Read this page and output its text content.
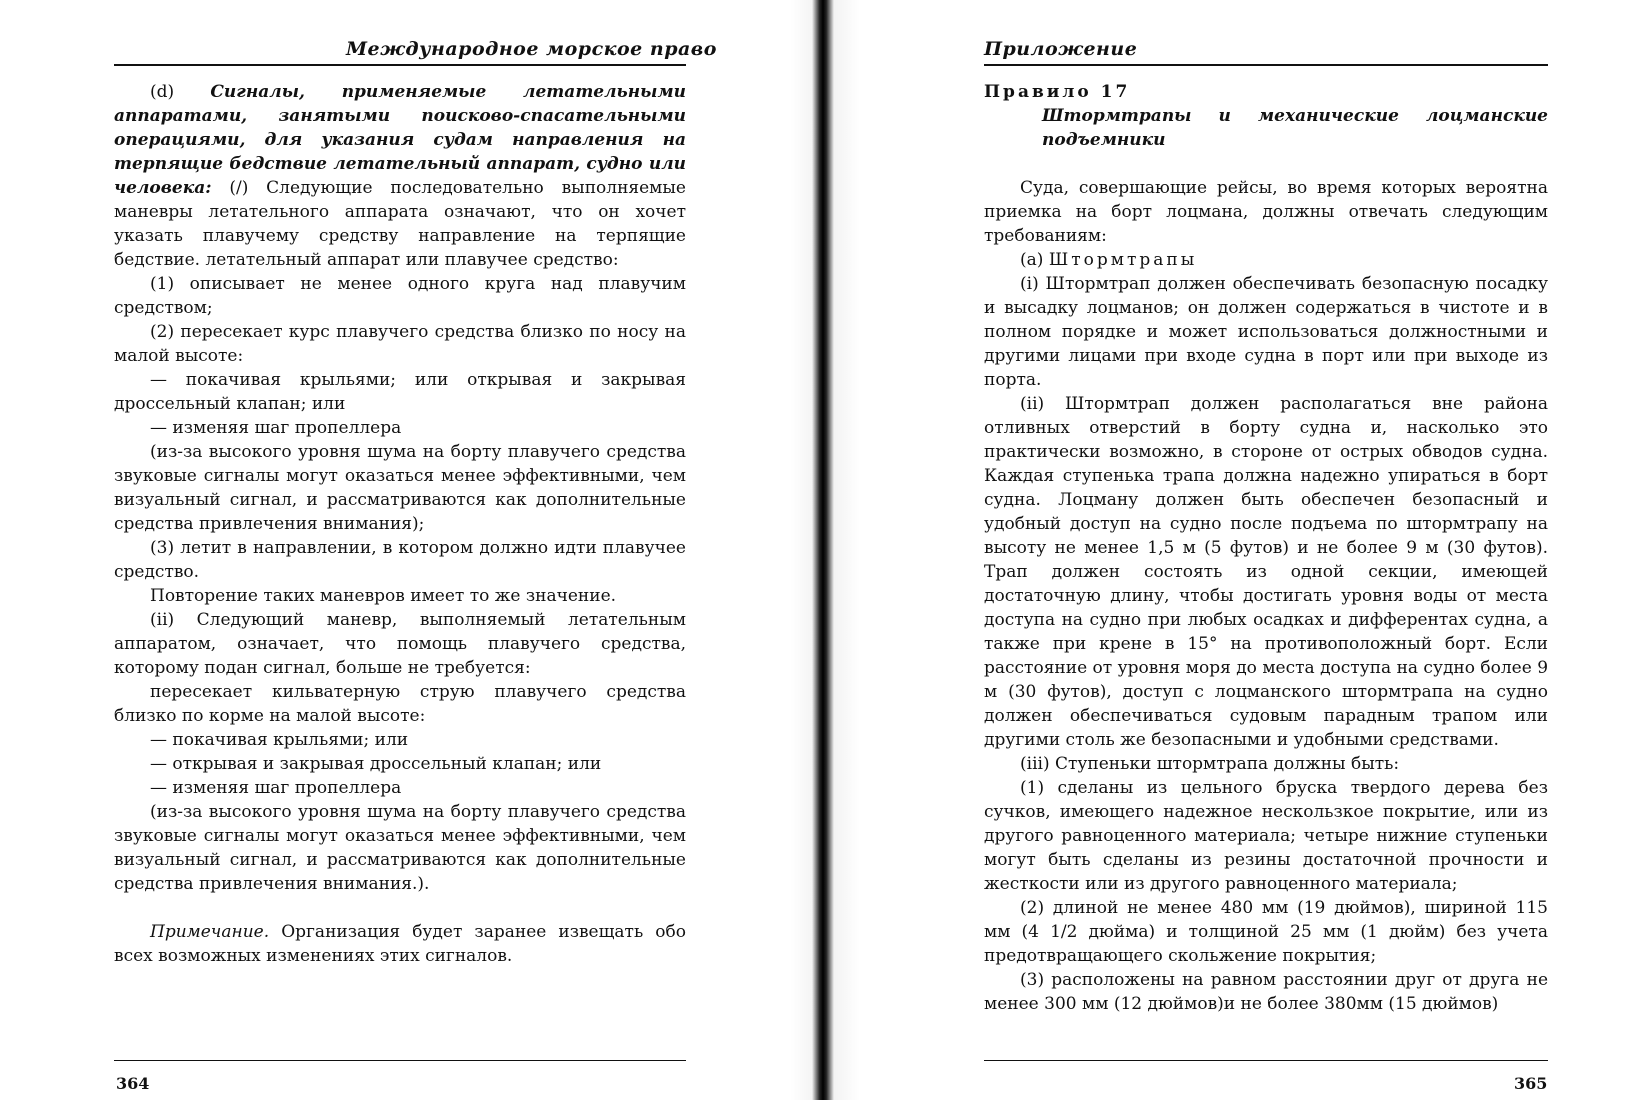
Международное морское право

(d) Сигналы, применяемые летательными аппаратами, занятыми поисково-спасательными операциями, для указания судам направления на терпящие бедствие летательный аппарат, судно или человека: (/) Следующие последовательно выполняемые маневры летательного аппарата означают, что он хочет указать плавучему средству направление на терпящие бедствие. летательный аппарат или плавучее средство:

(1) описывает не менее одного круга над плавучим средством;

(2) пересекает курс плавучего средства близко по носу на малой высоте:

— покачивая крыльями; или открывая и закрывая дроссельный клапан; или

— изменяя шаг пропеллера

(из-за высокого уровня шума на борту плавучего средства звуковые сигналы могут оказаться менее эффективными, чем визуальный сигнал, и рассматриваются как дополнительные средства привлечения внимания);

(3) летит в направлении, в котором должно идти плавучее средство.

Повторение таких маневров имеет то же значение.

(ii) Следующий маневр, выполняемый летательным аппаратом, означает, что помощь плавучего средства, которому подан сигнал, больше не требуется:

пересекает кильватерную струю плавучего средства близко по корме на малой высоте:

— покачивая крыльями; или

— открывая и закрывая дроссельный клапан; или

— изменяя шаг пропеллера

(из-за высокого уровня шума на борту плавучего средства звуковые сигналы могут оказаться менее эффективными, чем визуальный сигнал, и рассматриваются как дополнительные средства привлечения внимания.).

Примечание. Организация будет заранее извещать обо всех возможных изменениях этих сигналов.

364
Приложение

Правило 17

Штормтрапы и механические лоцманские подъемники

Суда, совершающие рейсы, во время которых вероятна приемка на борт лоцмана, должны отвечать следующим требованиям:

(а) Штормтрапы

(i) Штормтрап должен обеспечивать безопасную посадку и высадку лоцманов; он должен содержаться в чистоте и в полном порядке и может использоваться должностными и другими лицами при входе судна в порт или при выходе из порта.

(ii) Штормтрап должен располагаться вне района отливных отверстий в борту судна и, насколько это практически возможно, в стороне от острых обводов судна. Каждая ступенька трапа должна надежно упираться в борт судна. Лоцману должен быть обеспечен безопасный и удобный доступ на судно после подъема по штормтрапу на высоту не менее 1,5 м (5 футов) и не более 9 м (30 футов). Трап должен состоять из одной секции, имеющей достаточную длину, чтобы достигать уровня воды от места доступа на судно при любых осадках и дифферентах судна, а также при крене в 15° на противоположный борт. Если расстояние от уровня моря до места доступа на судно более 9 м (30 футов), доступ с лоцманского штормтрапа на судно должен обеспечиваться судовым парадным трапом или другими столь же безопасными и удобными средствами.

(iii) Ступеньки штормтрапа должны быть:

(1) сделаны из цельного бруска твердого дерева без сучков, имеющего надежное нескользкое покрытие, или из другого равноценного материала; четыре нижние ступеньки могут быть сделаны из резины достаточной прочности и жесткости или из другого равноценного материала;

(2) длиной не менее 480 мм (19 дюймов), шириной 115 мм (4 1/2 дюйма) и толщиной 25 мм (1 дюйм) без учета предотвращающего скольжение покрытия;

(3) расположены на равном расстоянии друг от друга не менее 300 мм (12 дюймов)и не более 380мм (15 дюймов)

365
